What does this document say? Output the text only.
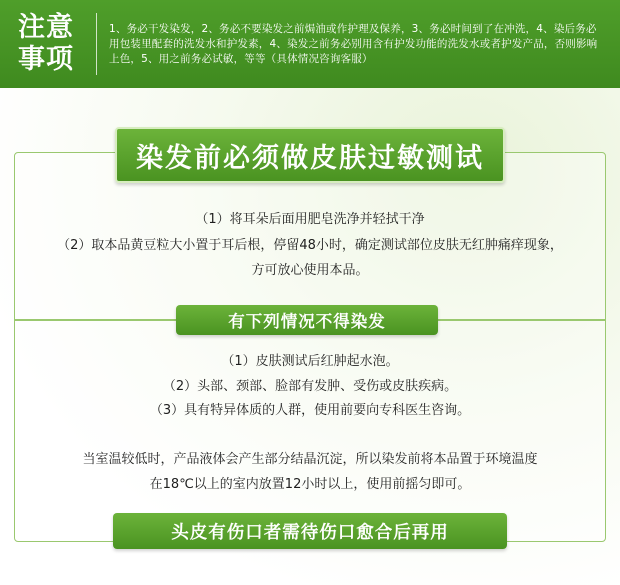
注意
事项
1、务必干发染发，2、务必不要染发之前焗油或作护理及保养，3、务必时间到了在冲洗，4、染后务必用包装里配套的洗发水和护发素，4、染发之前务必别用含有护发功能的洗发水或者护发产品，否则影响上色，5、用之前务必试敏，等等（具体情况咨询客服）
染发前必须做皮肤过敏测试
（1）将耳朵后面用肥皂洗净并轻拭干净
（2）取本品黄豆粒大小置于耳后根，停留48小时，确定测试部位皮肤无红肿痛痒现象，
方可放心使用本品。
有下列情况不得染发
（1）皮肤测试后红肿起水泡。
（2）头部、颈部、脸部有发肿、受伤或皮肤疾病。
（3）具有特异体质的人群，使用前要向专科医生咨询。
当室温较低时，产品液体会产生部分结晶沉淀，所以染发前将本品置于环境温度
在18℃以上的室内放置12小时以上，使用前摇匀即可。
头皮有伤口者需待伤口愈合后再用
